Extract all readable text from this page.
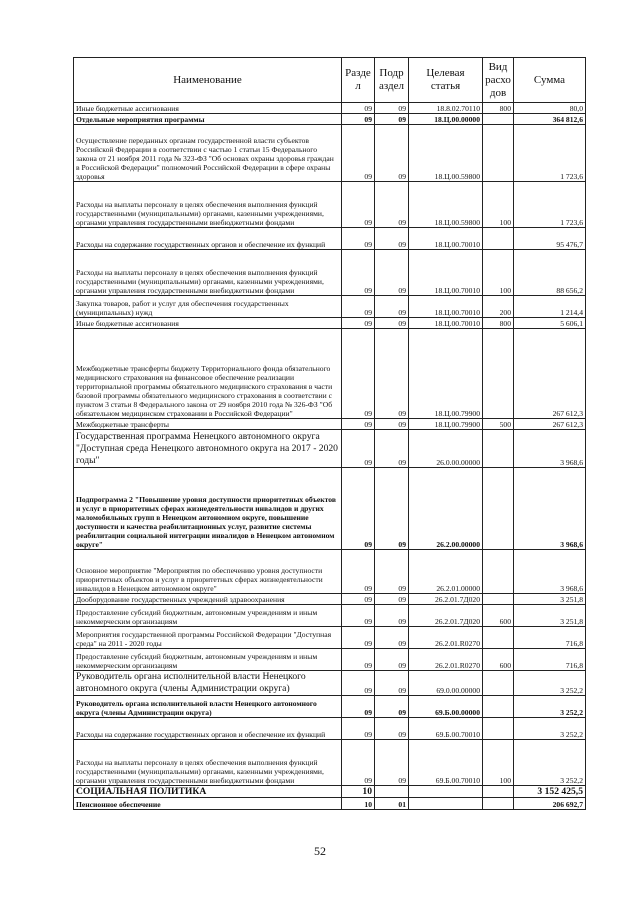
Наименование	Разде л	Подр аздел	Целевая статья	Вид расхо дов	Сумма
Иные бюджетные ассигнования	09	09	18.8.02.70110	800	80,0
Отдельные мероприятия программы	09	09	18.Ц.00.00000		364 812,6
Осуществление переданных органам государственной власти субъектов Российской Федерации в соответствии с частью 1 статьи 15 Федерального закона от 21 ноября 2011 года № 323-ФЗ "Об основах охраны здоровья граждан в Российской Федерации" полномочий Российской Федерации в сфере охраны здоровья	09	09	18.Ц.00.59800		1 723,6
Расходы на выплаты персоналу в целях обеспечения выполнения функций государственными (муниципальными) органами, казенными учреждениями, органами управления государственными внебюджетными фондами	09	09	18.Ц.00.59800	100	1 723,6
Расходы на содержание государственных органов и обеспечение их функций	09	09	18.Ц.00.70010		95 476,7
Расходы на выплаты персоналу в целях обеспечения выполнения функций государственными (муниципальными) органами, казенными учреждениями, органами управления государственными внебюджетными фондами	09	09	18.Ц.00.70010	100	88 656,2
Закупка товаров, работ и услуг для обеспечения государственных (муниципальных) нужд	09	09	18.Ц.00.70010	200	1 214,4
Иные бюджетные ассигнования	09	09	18.Ц.00.70010	800	5 606,1
Межбюджетные трансферты бюджету Территориального фонда обязательного медицинского страхования на финансовое обеспечение реализации территориальной программы обязательного медицинского страхования в части базовой программы обязательного медицинского страхования в соответствии с пунктом 3 статьи 8 Федерального закона от 29 ноября 2010 года № 326-ФЗ "Об обязательном медицинском страховании в Российской Федерации"	09	09	18.Ц.00.79900		267 612,3
Межбюджетные трансферты	09	09	18.Ц.00.79900	500	267 612,3
Государственная программа Ненецкого автономного округа "Доступная среда Ненецкого автономного округа на 2017 - 2020 годы"	09	09	26.0.00.00000		3 968,6
Подпрограмма 2 "Повышение уровня доступности приоритетных объектов и услуг в приоритетных сферах жизнедеятельности инвалидов и других маломобильных групп в Ненецком автономном округе, повышение доступности и качества реабилитационных услуг, развитие системы реабилитации социальной интеграции инвалидов в Ненецком автономном округе"	09	09	26.2.00.00000		3 968,6
Основное мероприятие "Мероприятия по обеспечению уровня доступности приоритетных объектов и услуг в приоритетных сферах жизнедеятельности инвалидов в Ненецком автономном округе"	09	09	26.2.01.00000		3 968,6
Дооборудование государственных учреждений здравоохранения	09	09	26.2.01.7Д020		3 251,8
Предоставление субсидий бюджетным, автономным учреждениям и иным некоммерческим организациям	09	09	26.2.01.7Д020	600	3 251,8
Мероприятия государственной программы Российской Федерации "Доступная среда" на 2011 - 2020 годы	09	09	26.2.01.R0270		716,8
Предоставление субсидий бюджетным, автономным учреждениям и иным некоммерческим организациям	09	09	26.2.01.R0270	600	716,8
Руководитель органа исполнительной власти Ненецкого автономного округа (члены Администрации округа)	09	09	69.0.00.00000		3 252,2
Руководитель органа исполнительной власти Ненецкого автономного округа (члены Администрации округа)	09	09	69.Б.00.00000		3 252,2
Расходы на содержание государственных органов и обеспечение их функций	09	09	69.Б.00.70010		3 252,2
Расходы на выплаты персоналу в целях обеспечения выполнения функций государственными (муниципальными) органами, казенными учреждениями, органами управления государственными внебюджетными фондами	09	09	69.Б.00.70010	100	3 252,2
СОЦИАЛЬНАЯ ПОЛИТИКА	10				3 152 425,5
Пенсионное обеспечение	10	01			206 692,7
52
